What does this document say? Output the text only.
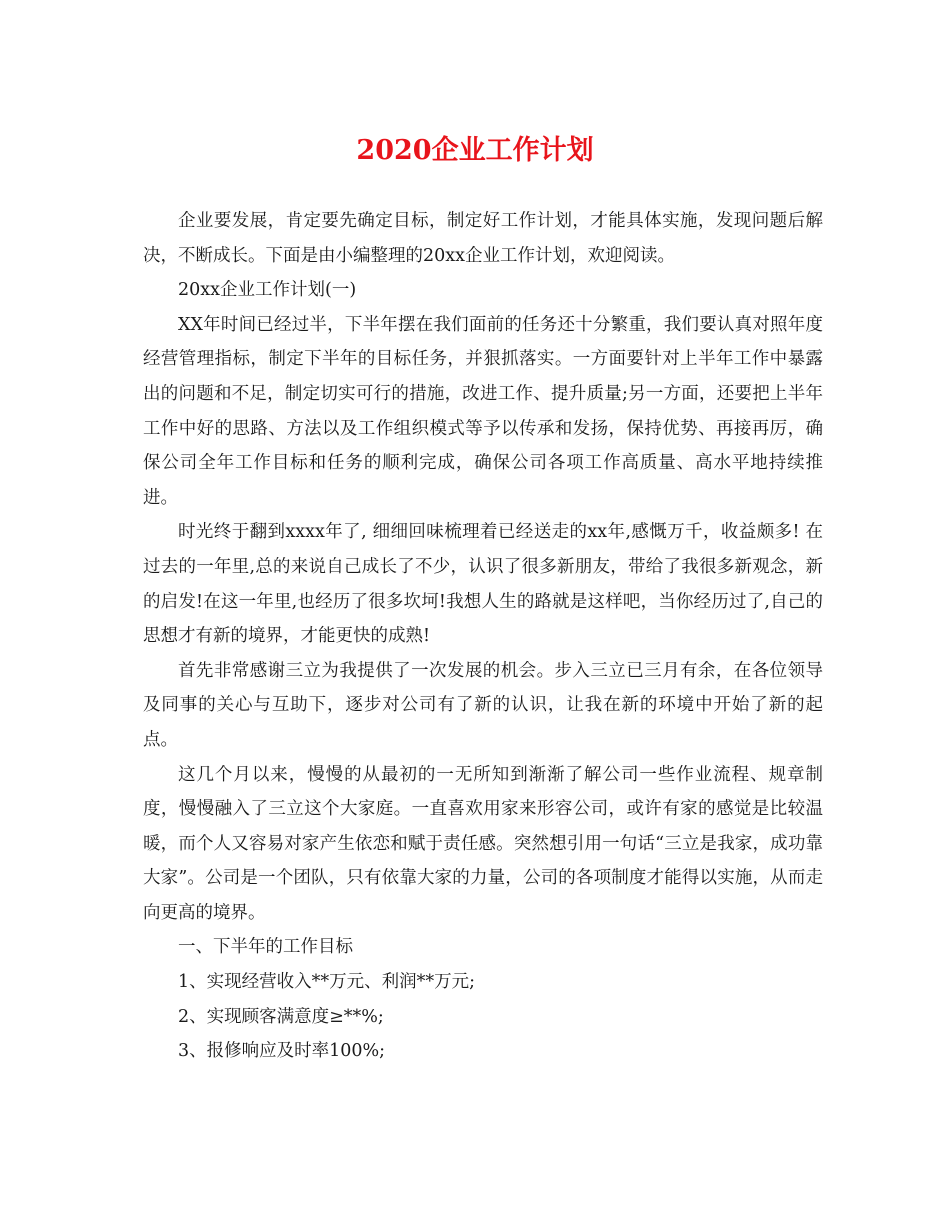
2020企业工作计划

企业要发展，肯定要先确定目标，制定好工作计划，才能具体实施，发现问题后解决，不断成长。下面是由小编整理的20xx企业工作计划，欢迎阅读。

20xx企业工作计划(一)

XX年时间已经过半，下半年摆在我们面前的任务还十分繁重，我们要认真对照年度经营管理指标，制定下半年的目标任务，并狠抓落实。一方面要针对上半年工作中暴露出的问题和不足，制定切实可行的措施，改进工作、提升质量;另一方面，还要把上半年工作中好的思路、方法以及工作组织模式等予以传承和发扬，保持优势、再接再厉，确保公司全年工作目标和任务的顺利完成，确保公司各项工作高质量、高水平地持续推进。

时光终于翻到xxxx年了, 细细回味梳理着已经送走的xx年,感慨万千，收益颇多! 在过去的一年里,总的来说自己成长了不少，认识了很多新朋友，带给了我很多新观念，新的启发!在这一年里,也经历了很多坎坷!我想人生的路就是这样吧，当你经历过了,自己的思想才有新的境界，才能更快的成熟!

首先非常感谢三立为我提供了一次发展的机会。步入三立已三月有余，在各位领导及同事的关心与互助下，逐步对公司有了新的认识，让我在新的环境中开始了新的起点。

这几个月以来，慢慢的从最初的一无所知到渐渐了解公司一些作业流程、规章制度，慢慢融入了三立这个大家庭。一直喜欢用家来形容公司，或许有家的感觉是比较温暖，而个人又容易对家产生依恋和赋于责任感。突然想引用一句话“三立是我家，成功靠大家”。公司是一个团队，只有依靠大家的力量，公司的各项制度才能得以实施，从而走向更高的境界。

一、下半年的工作目标

1、实现经营收入**万元、利润**万元;

2、实现顾客满意度≥**%;

3、报修响应及时率100%;
